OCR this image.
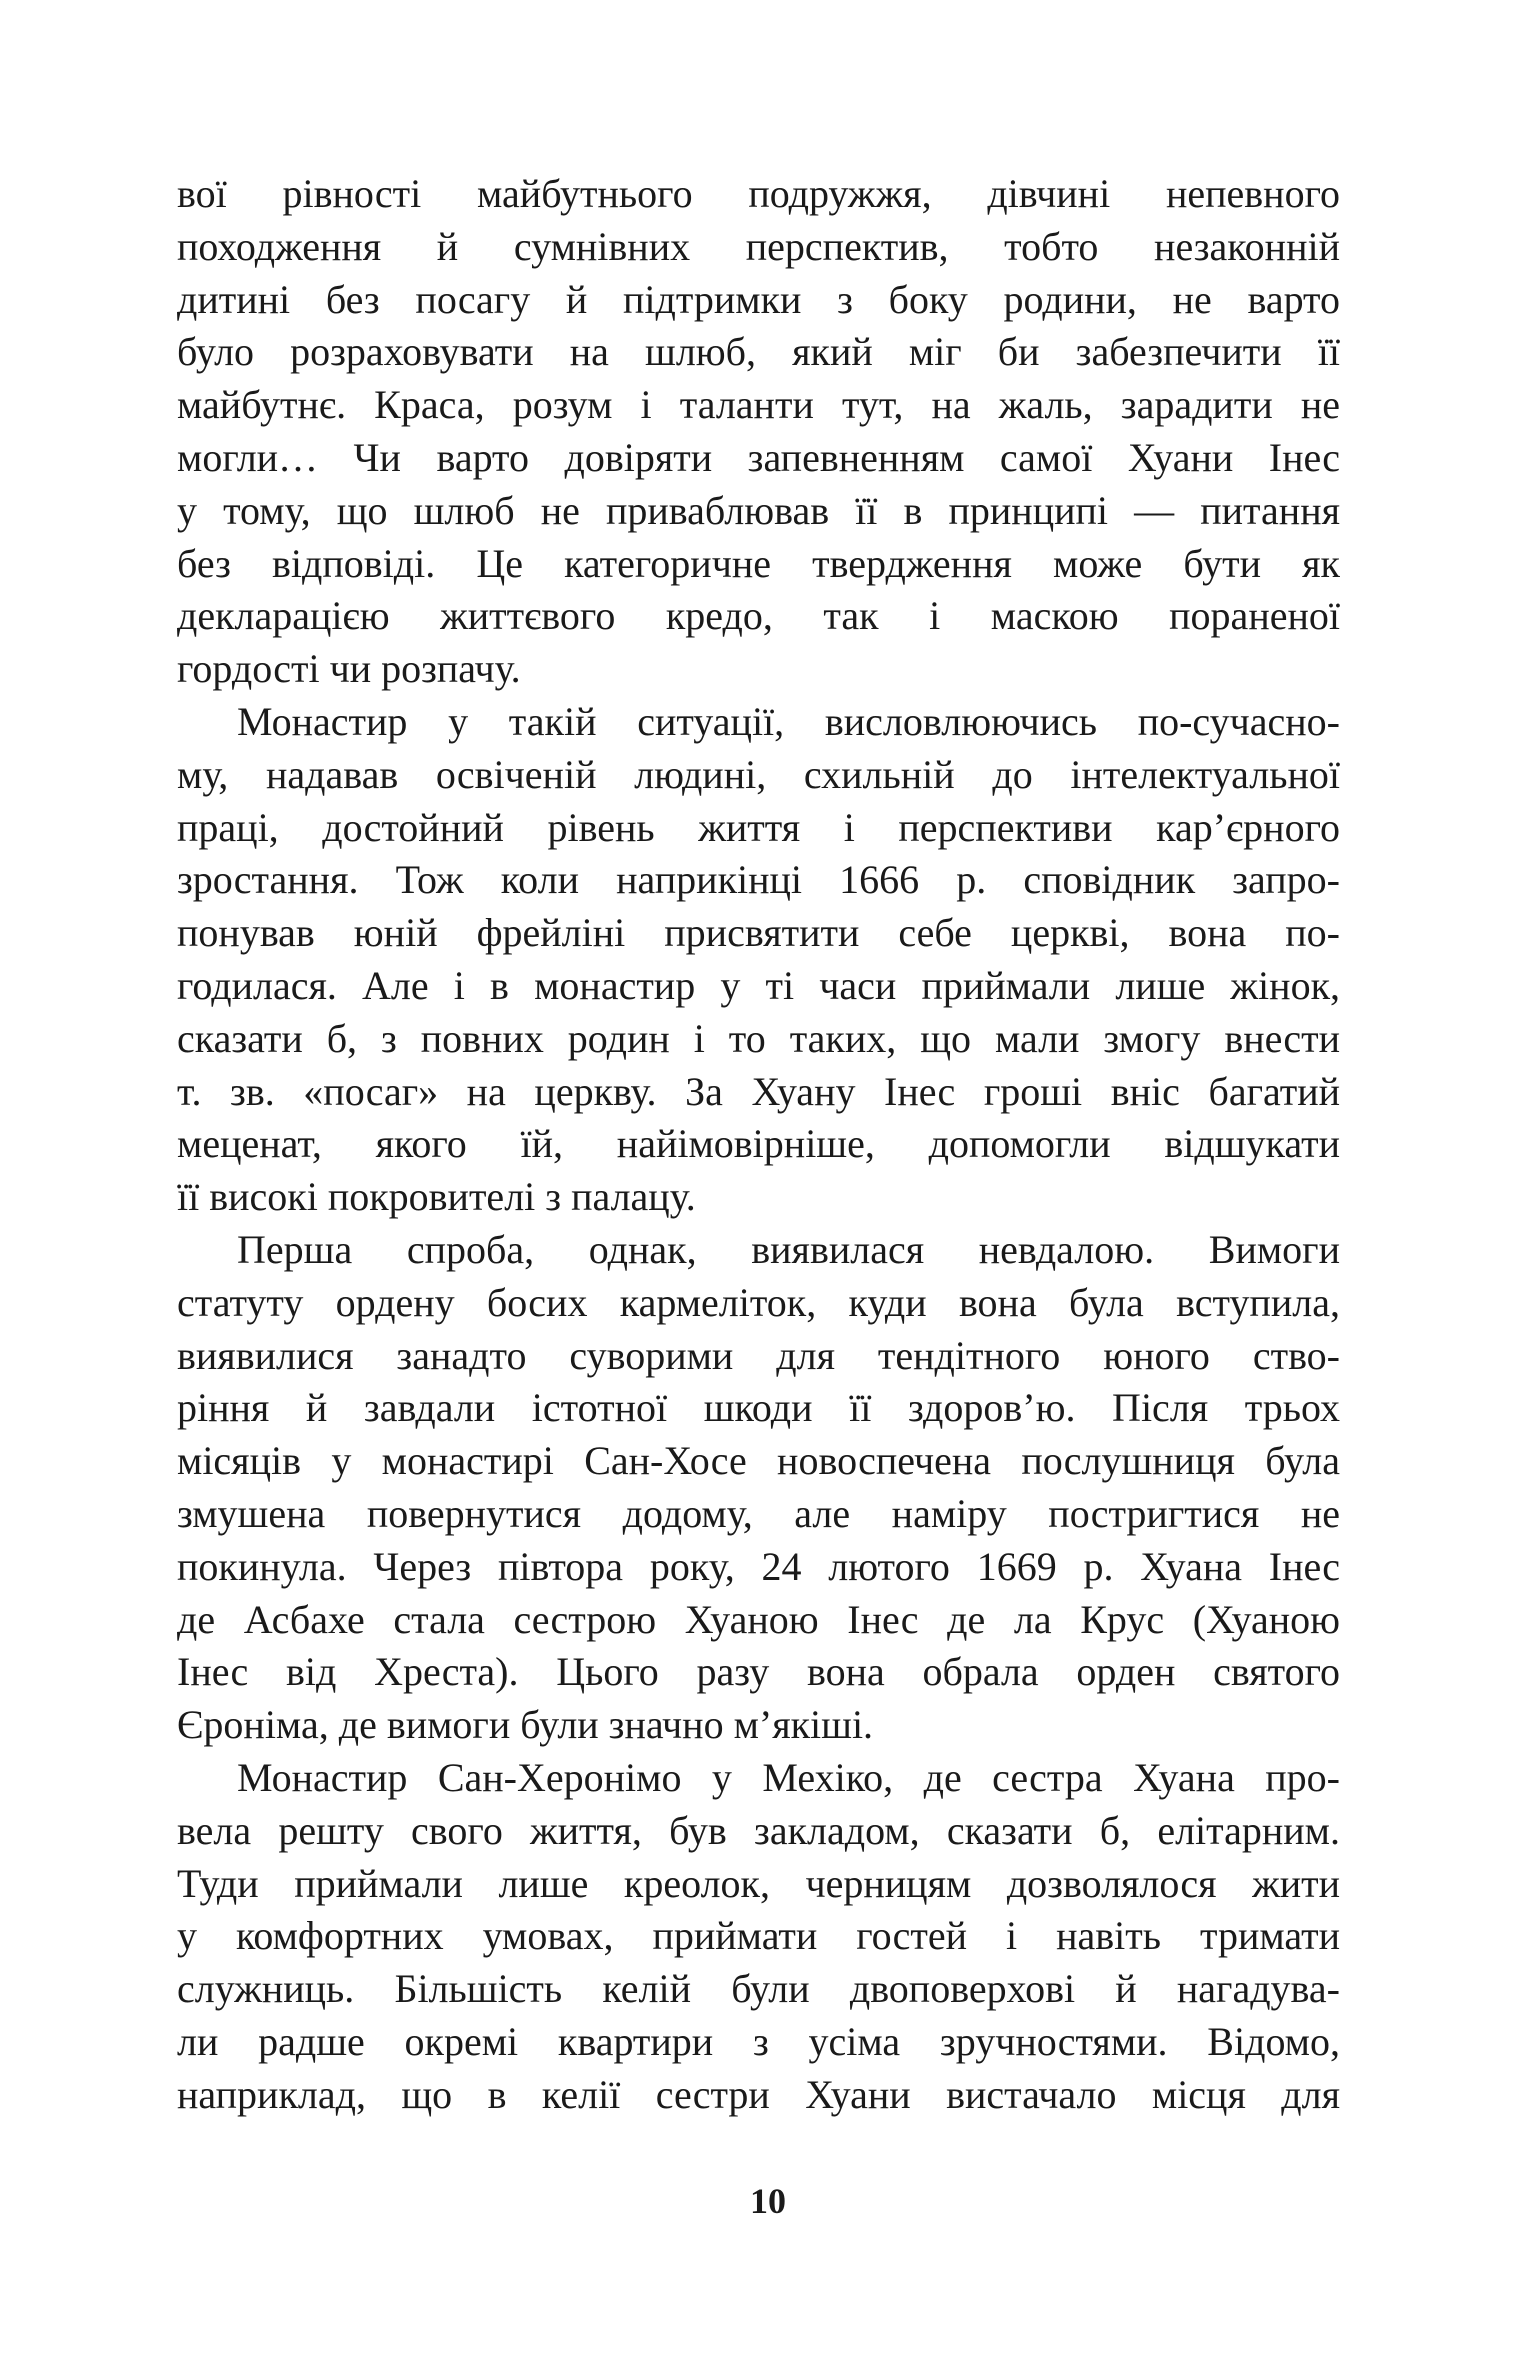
вої рівності майбутнього подружжя, дівчині непевного
походження й сумнівних перспектив, тобто незаконній
дитині без посагу й підтримки з боку родини, не варто
було розраховувати на шлюб, який міг би забезпечити її
майбутнє. Краса, розум і таланти тут, на жаль, зарадити не
могли… Чи варто довіряти запевненням самої Хуани Інес
у тому, що шлюб не приваблював її в принципі — питання
без відповіді. Це категоричне твердження може бути як
декларацією життєвого кредо, так і маскою пораненої
гордості чи розпачу.
Монастир у такій ситуації, висловлюючись по-сучасно-
му, надавав освіченій людині, схильній до інтелектуальної
праці, достойний рівень життя і перспективи кар’єрного
зростання. Тож коли наприкінці 1666 р. сповідник запро-
понував юній фрейліні присвятити себе церкві, вона по-
годилася. Але і в монастир у ті часи приймали лише жінок,
сказати б, з повних родин і то таких, що мали змогу внести
т. зв. «посаг» на церкву. За Хуану Інес гроші вніс багатий
меценат, якого їй, найімовірніше, допомогли відшукати
її високі покровителі з палацу.
Перша спроба, однак, виявилася невдалою. Вимоги
статуту ордену босих кармеліток, куди вона була вступила,
виявилися занадто суворими для тендітного юного ство-
ріння й завдали істотної шкоди її здоров’ю. Після трьох
місяців у монастирі Сан-Хосе новоспечена послушниця була
змушена повернутися додому, але наміру постригтися не
покинула. Через півтора року, 24 лютого 1669 р. Хуана Інес
де Асбахе стала сестрою Хуаною Інес де ла Крус (Хуаною
Інес від Хреста). Цього разу вона обрала орден святого
Єроніма, де вимоги були значно м’якіші.
Монастир Сан-Херонімо у Мехіко, де сестра Хуана про-
вела решту свого життя, був закладом, сказати б, елітарним.
Туди приймали лише креолок, черницям дозволялося жити
у комфортних умовах, приймати гостей і навіть тримати
служниць. Більшість келій були двоповерхові й нагадува-
ли радше окремі квартири з усіма зручностями. Відомо,
наприклад, що в келії сестри Хуани вистачало місця для
10
